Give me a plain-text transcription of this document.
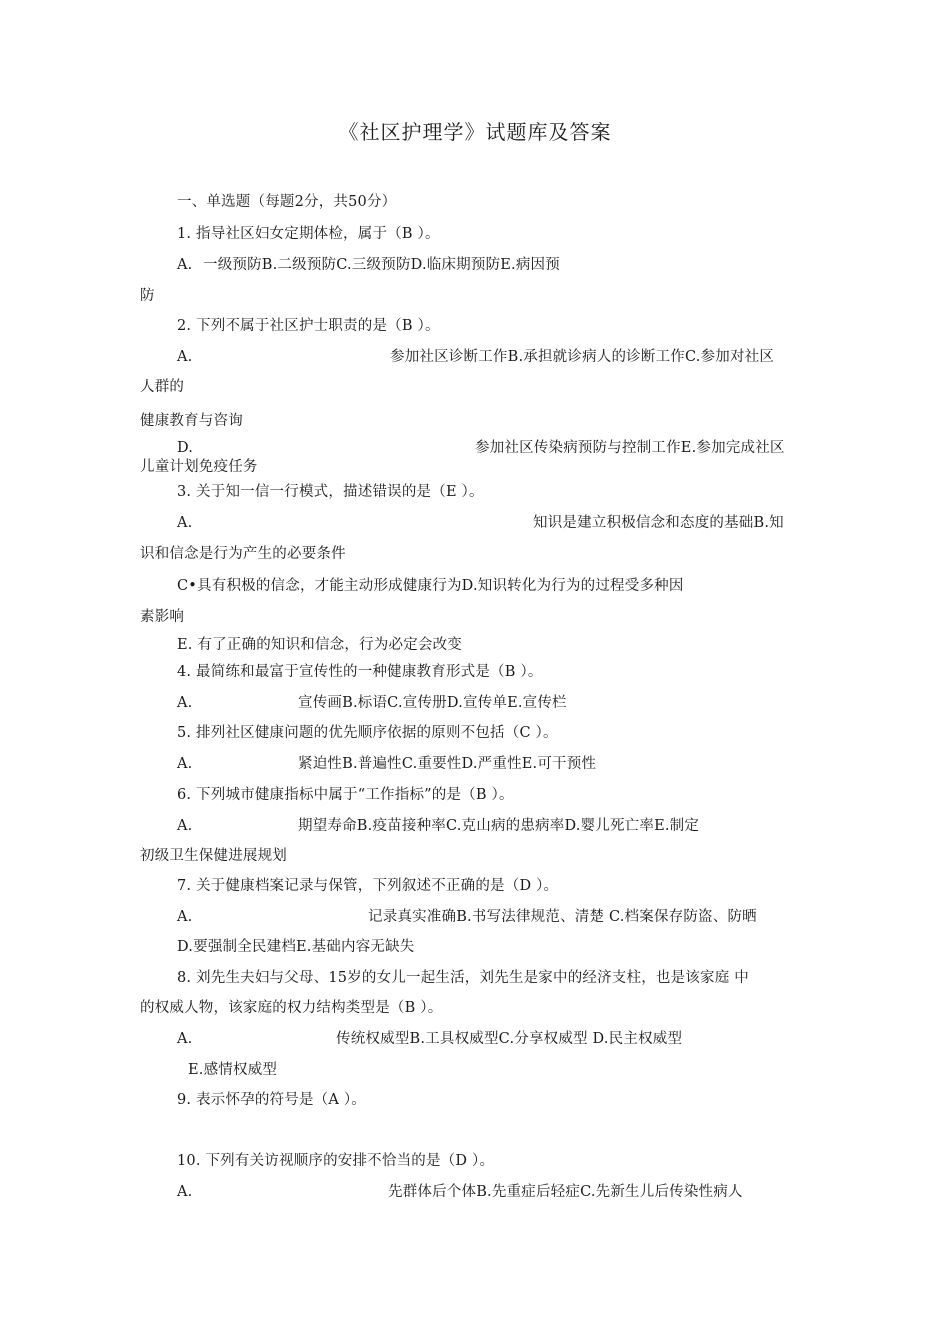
《社区护理学》试题库及答案
一、单选题（每题2分，共50分）
1. 指导社区妇女定期体检，属于（B ）。
A. 一级预防B.二级预防C.三级预防D.临床期预防E.病因预
防
2. 下列不属于社区护士职责的是（B ）。
A.	参加社区诊断工作B.承担就诊病人的诊断工作C.参加对社区
人群的
健康教育与咨询
D.	参加社区传染病预防与控制工作E.参加完成社区
儿童计划免疫任务
3. 关于知一信一行模式，描述错误的是（E ）。
A.	知识是建立积极信念和态度的基础B.知
识和信念是行为产生的必要条件
C•具有积极的信念，才能主动形成健康行为D.知识转化为行为的过程受多种因
素影响
E. 有了正确的知识和信念，行为必定会改变
4. 最简练和最富于宣传性的一种健康教育形式是（B ）。
A.	宣传画B.标语C.宣传册D.宣传单E.宣传栏
5. 排列社区健康问题的优先顺序依据的原则不包括（C ）。
A.	紧迫性B.普遍性C.重要性D.严重性E.可干预性
6. 下列城市健康指标中属于“工作指标”的是（B ）。
A.	期望寿命B.疫苗接种率C.克山病的患病率D.婴儿死亡率E.制定
初级卫生保健进展规划
7. 关于健康档案记录与保管，下列叙述不正确的是（D ）。
A.	记录真实准确B.书写法律规范、清楚 C.档案保存防盗、防晒
D.要强制全民建档E.基础内容无缺失
8. 刘先生夫妇与父母、15岁的女儿一起生活，刘先生是家中的经济支柱，也是该家庭 中
的权威人物，该家庭的权力结构类型是（B ）。
A.	传统权威型B.工具权威型C.分享权威型 D.民主权威型
E.感情权威型
9. 表示怀孕的符号是（A ）。
10. 下列有关访视顺序的安排不恰当的是（D ）。
A.	先群体后个体B.先重症后轻症C.先新生儿后传染性病人
